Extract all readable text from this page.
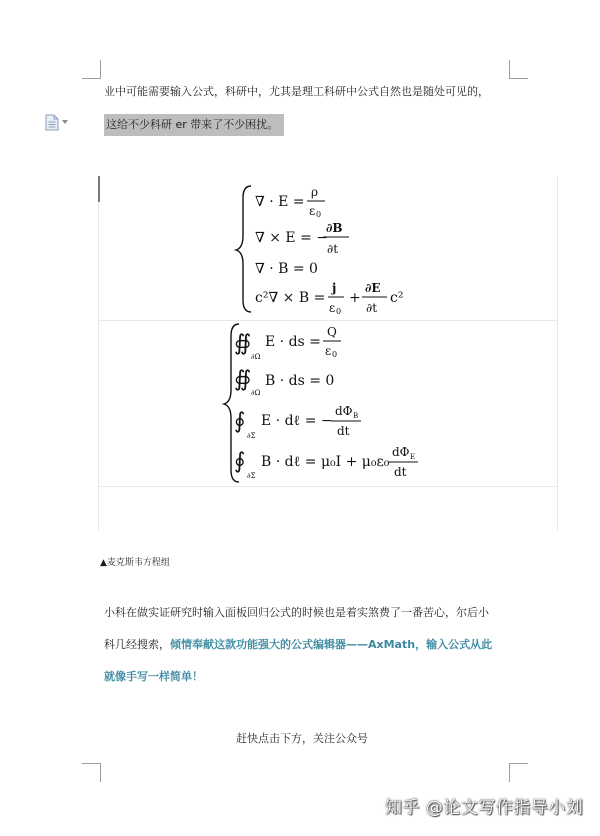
业中可能需要输入公式，科研中，尤其是理工科研中公式自然也是随处可见的，
这给不少科研 er 带来了不少困扰。
∇ · E =
ρ
ε 0
∇ × E = −
∂B
∂t
∇ · B = 0
c²∇ × B =
j
ε 0
+
∂E
∂t
c²
∯
∂Ω
E · ds =
Q
ε 0
∯
∂Ω
B · ds = 0
∮
∂Σ
E · dℓ = −
dΦ B
dt
∮
∂Σ
B · dℓ = μ₀I + μ₀ε₀
dΦ E
dt
▲麦克斯韦方程组
小科在做实证研究时输入面板回归公式的时候也是着实煞费了一番苦心，尔后小
科几经搜索，倾情奉献这款功能强大的公式编辑器——AxMath，输入公式从此
就像手写一样简单！
赶快点击下方，关注公众号
知乎 @论文写作指导小刘
